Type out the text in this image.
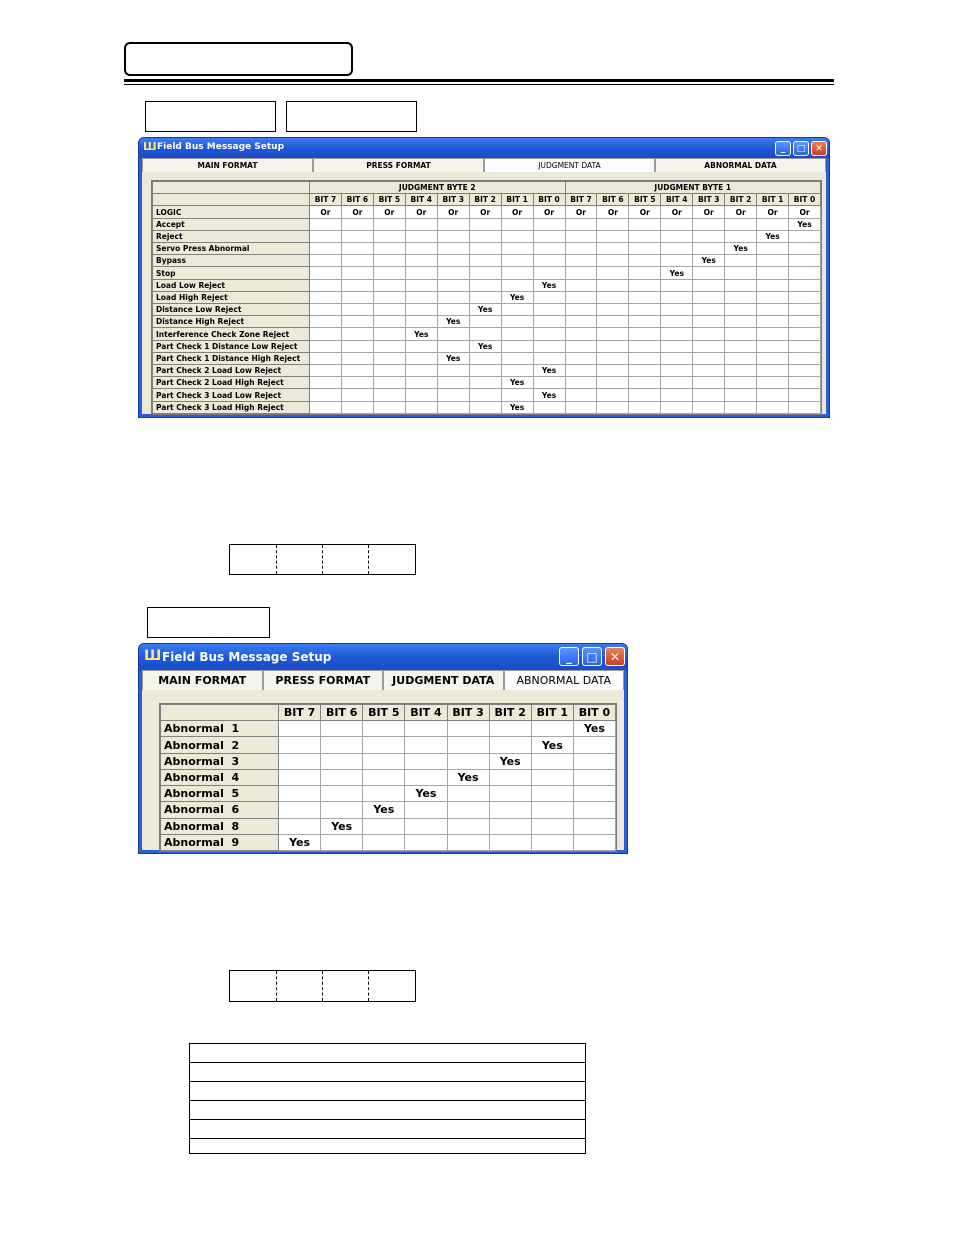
Ш Field Bus Message Setup	_ □ ✕
MAIN FORMAT	PRESS FORMAT	JUDGMENT DATA	ABNORMAL DATA
	JUDGMENT BYTE 2								JUDGMENT BYTE 1							
	BIT 7	BIT 6	BIT 5	BIT 4	BIT 3	BIT 2	BIT 1	BIT 0	BIT 7	BIT 6	BIT 5	BIT 4	BIT 3	BIT 2	BIT 1	BIT 0
LOGIC	Or	Or	Or	Or	Or	Or	Or	Or	Or	Or	Or	Or	Or	Or	Or	Or
Accept																Yes
Reject															Yes	
Servo Press Abnormal														Yes		
Bypass													Yes			
Stop												Yes				
Load Low Reject								Yes								
Load High Reject							Yes									
Distance Low Reject						Yes										
Distance High Reject					Yes											
Interference Check Zone Reject				Yes												
Part Check 1 Distance Low Reject						Yes										
Part Check 1 Distance High Reject					Yes											
Part Check 2 Load Low Reject								Yes								
Part Check 2 Load High Reject							Yes									
Part Check 3 Load Low Reject								Yes								
Part Check 3 Load High Reject							Yes									
Ш Field Bus Message Setup	_ □ ✕
MAIN FORMAT	PRESS FORMAT	JUDGMENT DATA	ABNORMAL DATA
	BIT 7	BIT 6	BIT 5	BIT 4	BIT 3	BIT 2	BIT 1	BIT 0
Abnormal  1								Yes
Abnormal  2							Yes	
Abnormal  3						Yes		
Abnormal  4					Yes			
Abnormal  5				Yes				
Abnormal  6			Yes					
Abnormal  8		Yes						
Abnormal  9	Yes							
